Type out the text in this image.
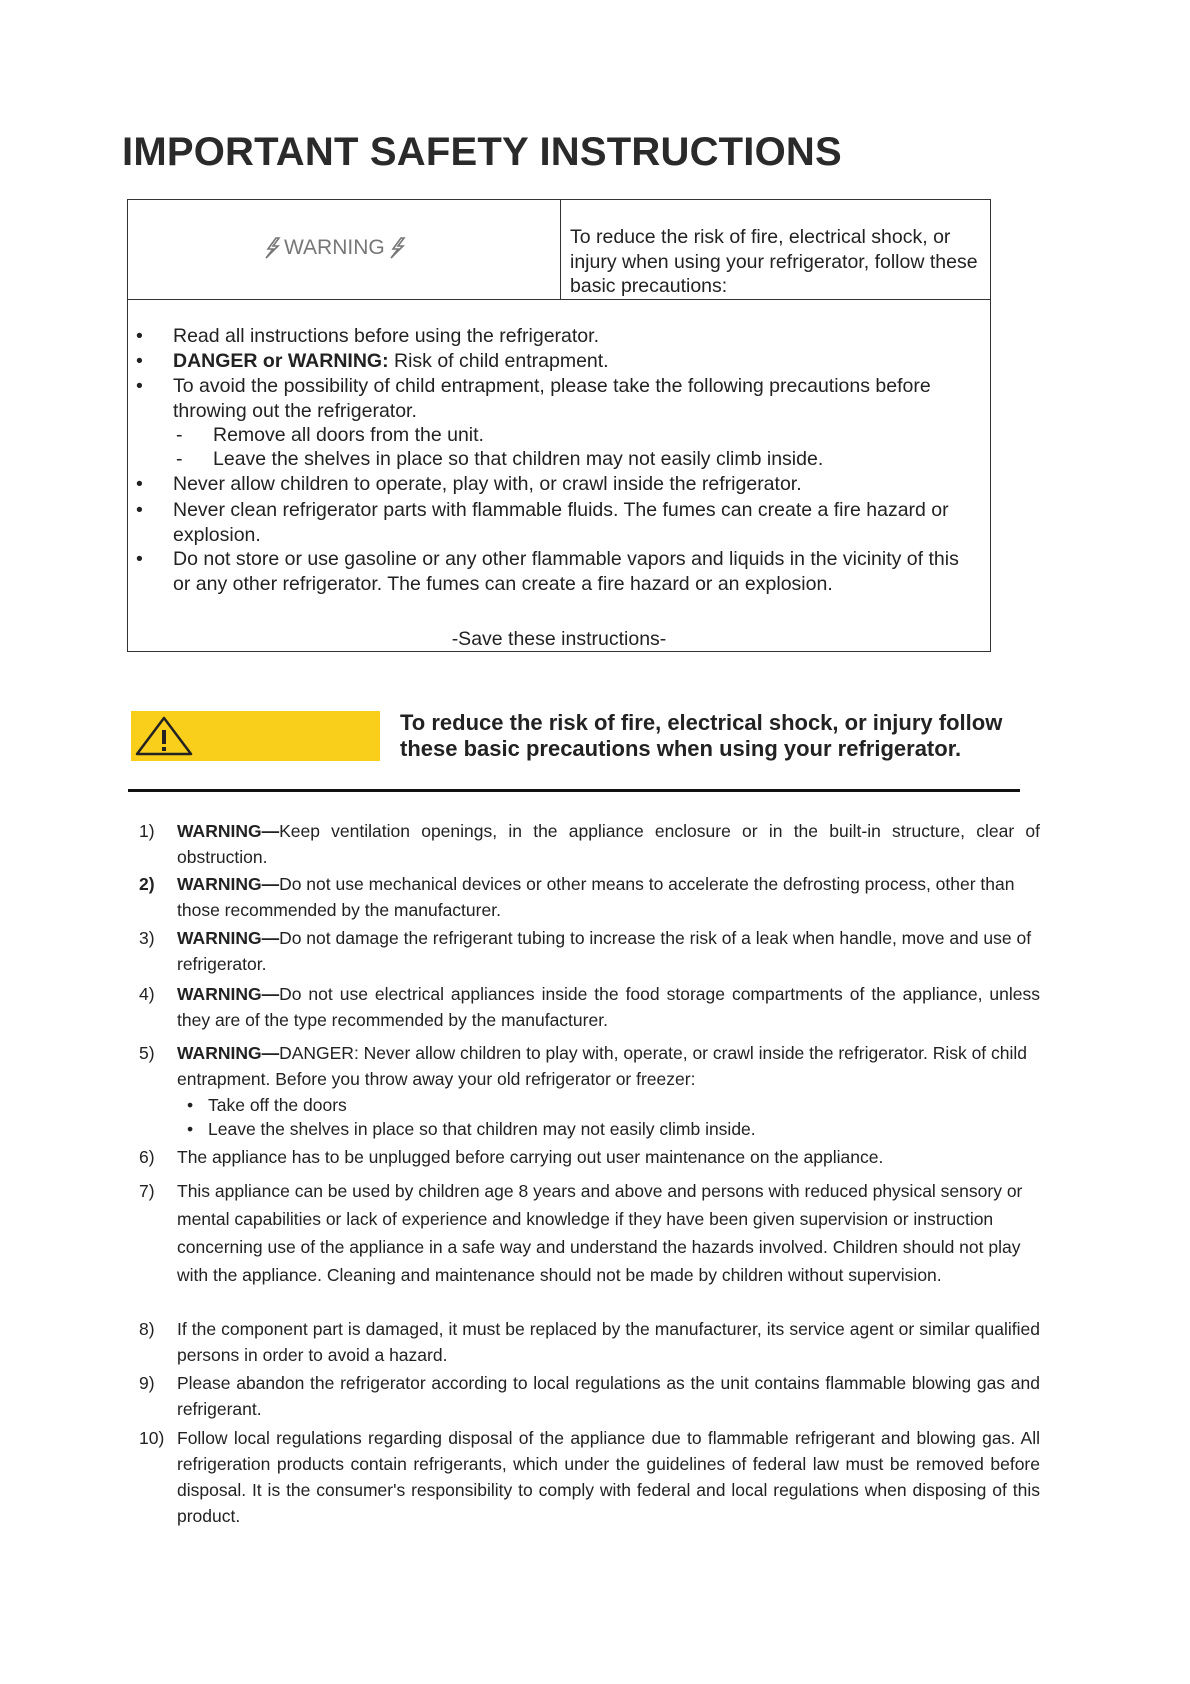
IMPORTANT SAFETY INSTRUCTIONS
WARNING	To reduce the risk of fire, electrical shock, or injury when using your refrigerator, follow these basic precautions:
• Read all instructions before using the refrigerator.
• DANGER or WARNING: Risk of child entrapment.
• To avoid the possibility of child entrapment, please take the following precautions before throwing out the refrigerator.
- Remove all doors from the unit.
- Leave the shelves in place so that children may not easily climb inside.
• Never allow children to operate, play with, or crawl inside the refrigerator.
• Never clean refrigerator parts with flammable fluids. The fumes can create a fire hazard or explosion.
• Do not store or use gasoline or any other flammable vapors and liquids in the vicinity of this or any other refrigerator. The fumes can create a fire hazard or an explosion.
-Save these instructions-
To reduce the risk of fire, electrical shock, or injury follow these basic precautions when using your refrigerator.
1) WARNING—Keep ventilation openings, in the appliance enclosure or in the built-in structure, clear of obstruction.
2) WARNING—Do not use mechanical devices or other means to accelerate the defrosting process, other than those recommended by the manufacturer.
3) WARNING—Do not damage the refrigerant tubing to increase the risk of a leak when handle, move and use of refrigerator.
4) WARNING—Do not use electrical appliances inside the food storage compartments of the appliance, unless they are of the type recommended by the manufacturer.
5) WARNING—DANGER: Never allow children to play with, operate, or crawl inside the refrigerator. Risk of child entrapment. Before you throw away your old refrigerator or freezer:
• Take off the doors
• Leave the shelves in place so that children may not easily climb inside.
6) The appliance has to be unplugged before carrying out user maintenance on the appliance.
7) This appliance can be used by children age 8 years and above and persons with reduced physical sensory or mental capabilities or lack of experience and knowledge if they have been given supervision or instruction concerning use of the appliance in a safe way and understand the hazards involved. Children should not play with the appliance. Cleaning and maintenance should not be made by children without supervision.
8) If the component part is damaged, it must be replaced by the manufacturer, its service agent or similar qualified persons in order to avoid a hazard.
9) Please abandon the refrigerator according to local regulations as the unit contains flammable blowing gas and refrigerant.
10) Follow local regulations regarding disposal of the appliance due to flammable refrigerant and blowing gas. All refrigeration products contain refrigerants, which under the guidelines of federal law must be removed before disposal. It is the consumer's responsibility to comply with federal and local regulations when disposing of this product.
